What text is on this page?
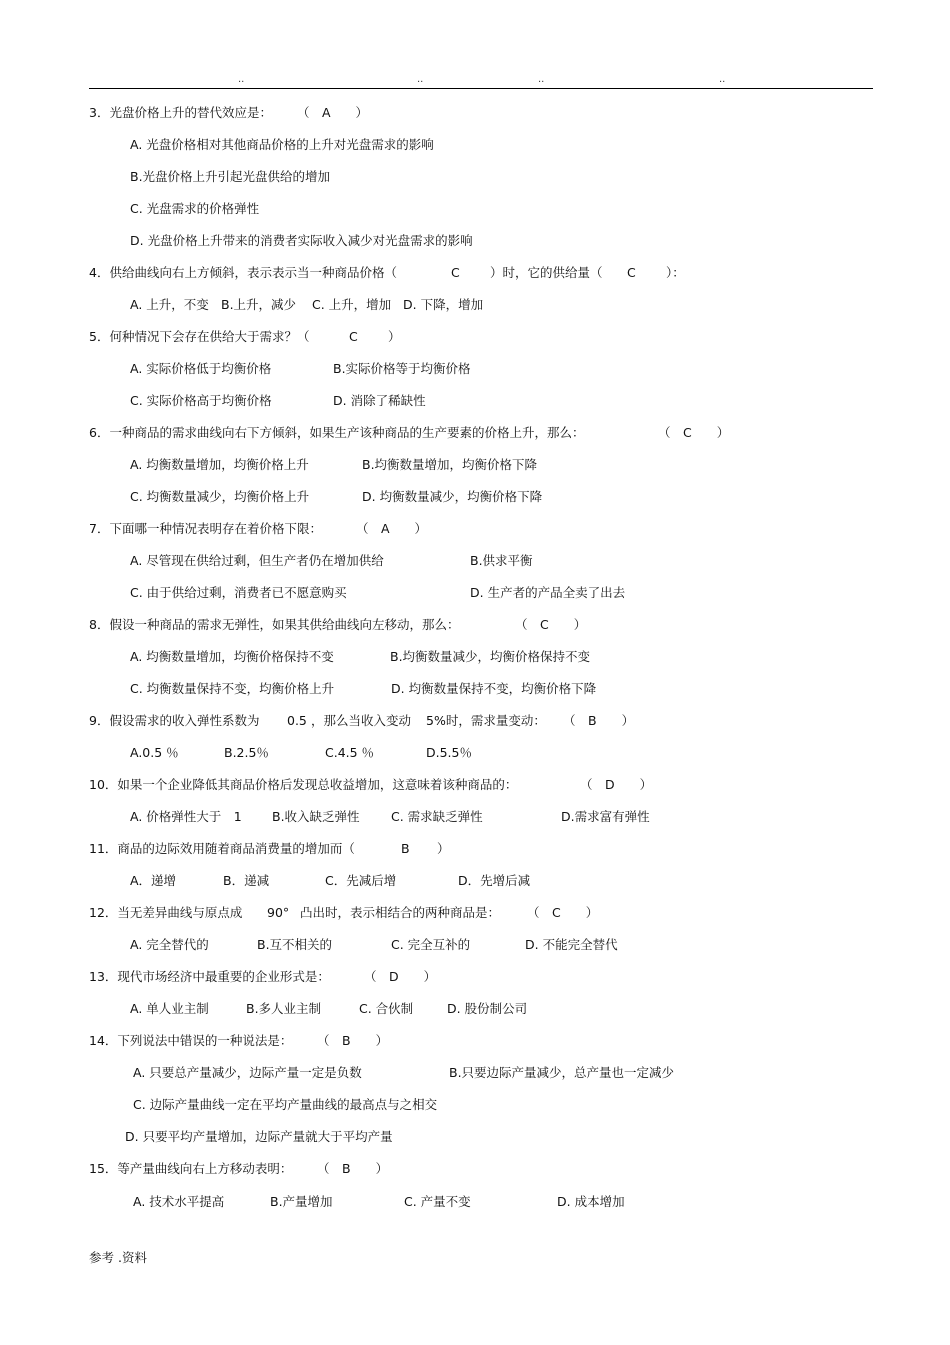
..	..	..	..
3．光盘价格上升的替代效应是： （　A　　）
A. 光盘价格相对其他商品价格的上升对光盘需求的影响
B.光盘价格上升引起光盘供给的增加
C. 光盘需求的价格弹性
D. 光盘价格上升带来的消费者实际收入减少对光盘需求的影响
4．供给曲线向右上方倾斜，表示表示当一种商品价格（	C ）时，它的供给量（ C ）：
A. 上升，不变 B.上升，减少 C. 上升，增加 D. 下降，增加
5．何种情况下会存在供给大于需求？（	C ）
A. 实际价格低于均衡价格	B.实际价格等于均衡价格
C. 实际价格高于均衡价格	D. 消除了稀缺性
6．一种商品的需求曲线向右下方倾斜，如果生产该种商品的生产要素的价格上升，那么：	（　C　　）
A. 均衡数量增加，均衡价格上升	B.均衡数量增加，均衡价格下降
C. 均衡数量减少，均衡价格上升	D. 均衡数量减少，均衡价格下降
7．下面哪一种情况表明存在着价格下限：	（　A　　）
A. 尽管现在供给过剩，但生产者仍在增加供给	B.供求平衡
C. 由于供给过剩，消费者已不愿意购买	D. 生产者的产品全卖了出去
8．假设一种商品的需求无弹性，如果其供给曲线向左移动，那么：	（　C　　）
A. 均衡数量增加，均衡价格保持不变	B.均衡数量减少，均衡价格保持不变
C. 均衡数量保持不变，均衡价格上升	D. 均衡数量保持不变，均衡价格下降
9．假设需求的收入弹性系数为 0.5 ，那么当收入变动 5%时，需求量变动： （　B　　）
A.0.5 ％	B.2.5％	C.4.5 ％	D.5.5％
10．如果一个企业降低其商品价格后发现总收益增加，这意味着该种商品的：	（　D　　）
A. 价格弹性大于　1 B.收入缺乏弹性	C. 需求缺乏弹性	D.需求富有弹性
11．商品的边际效用随着商品消费量的增加而（	B ）
A．递增	B．递减	C．先减后增	D．先增后减
12．当无差异曲线与原点成 90° 凸出时，表示相结合的两种商品是： （　C　　）
A. 完全替代的	B.互不相关的	C. 完全互补的	D. 不能完全替代
13．现代市场经济中最重要的企业形式是：	（　D　　）
A. 单人业主制	B.多人业主制	C. 合伙制	D. 股份制公司
14．下列说法中错误的一种说法是： （　B　　）
A. 只要总产量减少，边际产量一定是负数	B.只要边际产量减少，总产量也一定减少
C. 边际产量曲线一定在平均产量曲线的最高点与之相交
D. 只要平均产量增加，边际产量就大于平均产量
15．等产量曲线向右上方移动表明： （　B　　）
A. 技术水平提高	B.产量增加	C. 产量不变	D. 成本增加
参考 .资料
